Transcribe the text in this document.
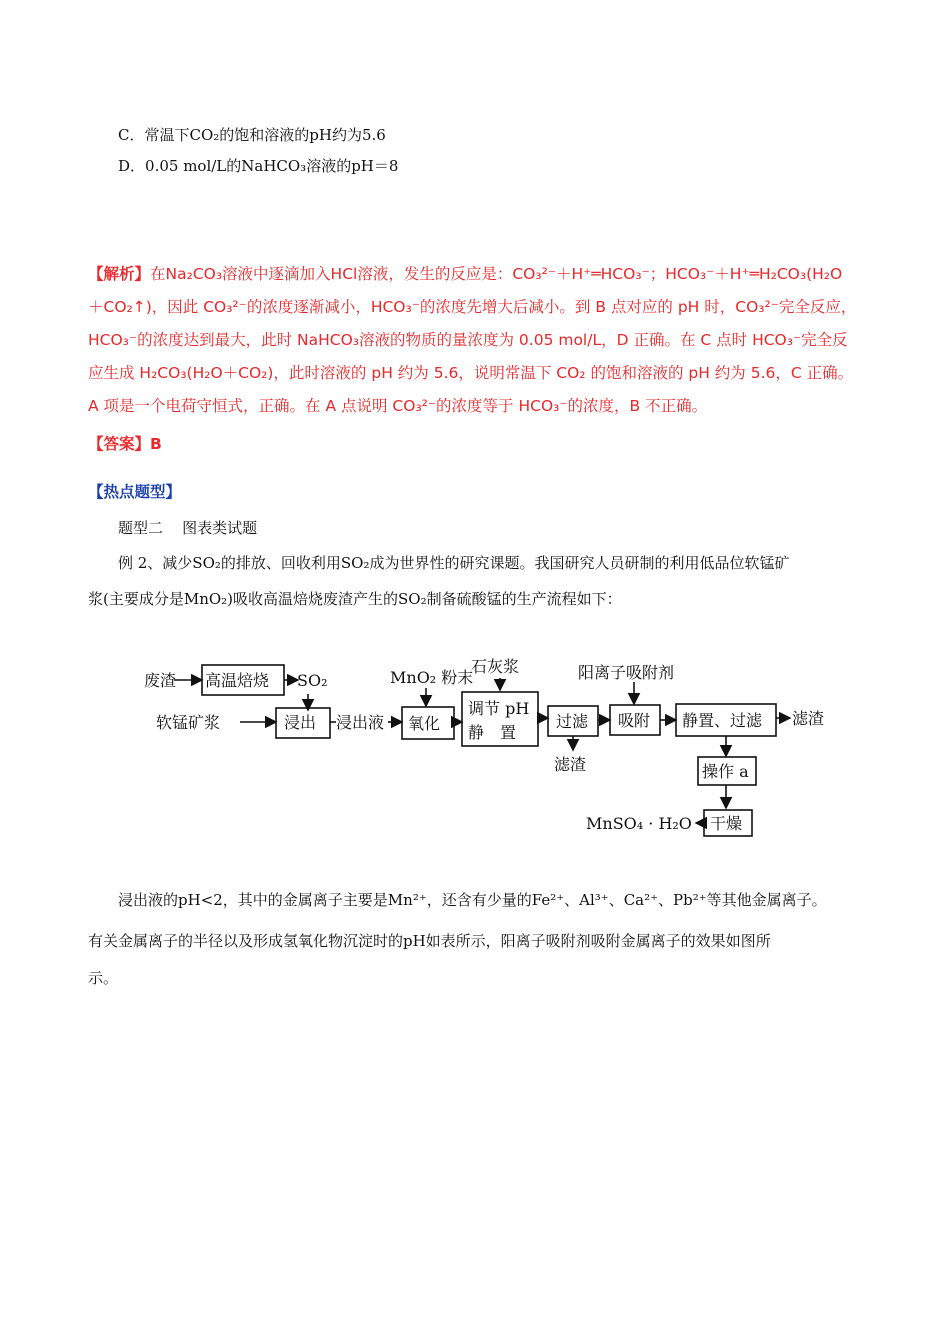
C．常温下CO₂的饱和溶液的pH约为5.6
D．0.05 mol/L的NaHCO₃溶液的pH＝8
【解析】在Na₂CO₃溶液中逐滴加入HCl溶液，发生的反应是：CO₃²⁻＋H⁺═HCO₃⁻；HCO₃⁻＋H⁺═H₂CO₃(H₂O
＋CO₂↑)，因此 CO₃²⁻的浓度逐渐减小，HCO₃⁻的浓度先增大后减小。到 B 点对应的 pH 时，CO₃²⁻完全反应，
HCO₃⁻的浓度达到最大，此时 NaHCO₃溶液的物质的量浓度为 0.05 mol/L，D 正确。在 C 点时 HCO₃⁻完全反
应生成 H₂CO₃(H₂O＋CO₂)，此时溶液的 pH 约为 5.6，说明常温下 CO₂ 的饱和溶液的 pH 约为 5.6，C 正确。
A 项是一个电荷守恒式，正确。在 A 点说明 CO₃²⁻的浓度等于 HCO₃⁻的浓度，B 不正确。
【答案】B
【热点题型】
题型二    图表类试题
例 2、减少SO₂的排放、回收利用SO₂成为世界性的研究课题。我国研究人员研制的利用低品位软锰矿
浆(主要成分是MnO₂)吸收高温焙烧废渣产生的SO₂制备硫酸锰的生产流程如下：
废渣 高温焙烧 SO₂
软锰矿浆	浸出 浸出液
MnO₂ 粉末
石灰浆
氧化
调节 pH
静　置
过滤
滤渣
阳离子吸附剂
吸附 静置、过滤 滤渣
操作 a
干燥
MnSO₄ · H₂O
浸出液的pH<2，其中的金属离子主要是Mn²⁺，还含有少量的Fe²⁺、Al³⁺、Ca²⁺、Pb²⁺等其他金属离子。
有关金属离子的半径以及形成氢氧化物沉淀时的pH如表所示，阳离子吸附剂吸附金属离子的效果如图所
示。
